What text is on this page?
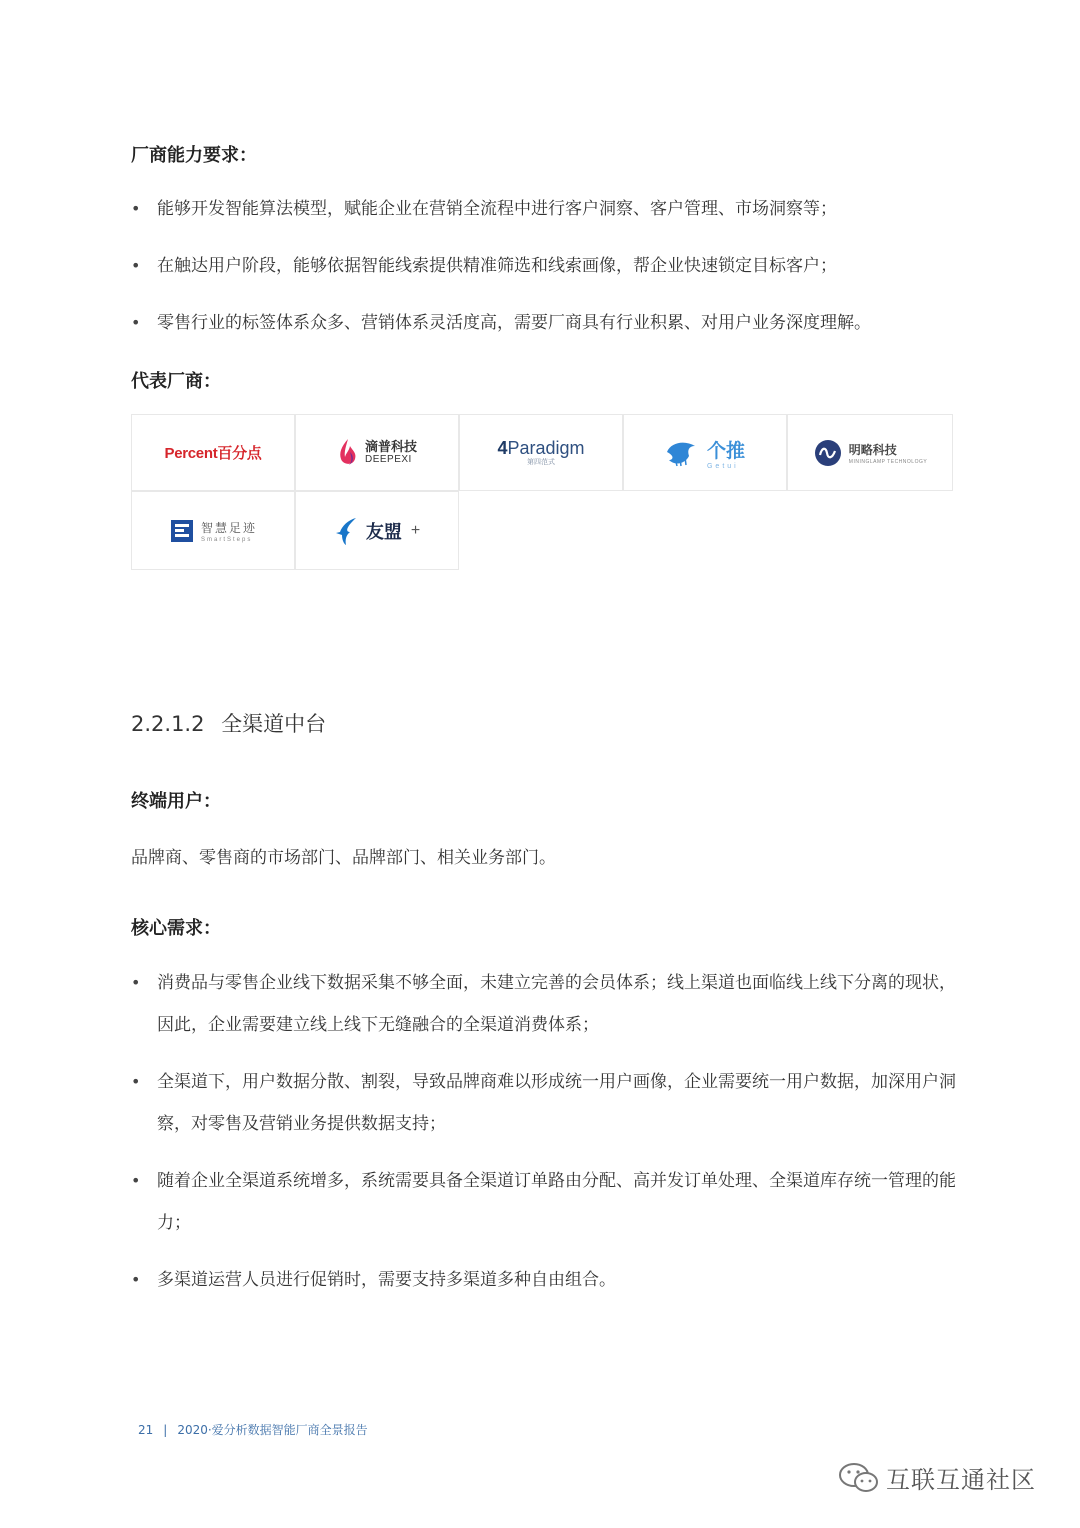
厂商能力要求：
• 能够开发智能算法模型，赋能企业在营销全流程中进行客户洞察、客户管理、市场洞察等；
• 在触达用户阶段，能够依据智能线索提供精准筛选和线索画像，帮企业快速锁定目标客户；
• 零售行业的标签体系众多、营销体系灵活度高，需要厂商具有行业积累、对用户业务深度理解。
代表厂商：
Percent百分点	滴普科技
DEEPEXI
4Paradigm
第四范式
个推
Getui
明略科技
MININGLAMP TECHNOLOGY
智慧足迹
SmartSteps	友盟 +
2.2.1.2 全渠道中台
终端用户：
品牌商、零售商的市场部门、品牌部门、相关业务部门。
核心需求：
• 消费品与零售企业线下数据采集不够全面，未建立完善的会员体系；线上渠道也面临线上线下分离的现状，因此，企业需要建立线上线下无缝融合的全渠道消费体系；
• 全渠道下，用户数据分散、割裂，导致品牌商难以形成统一用户画像，企业需要统一用户数据，加深用户洞察，对零售及营销业务提供数据支持；
• 随着企业全渠道系统增多，系统需要具备全渠道订单路由分配、高并发订单处理、全渠道库存统一管理的能力；
• 多渠道运营人员进行促销时，需要支持多渠道多种自由组合。
21 | 2020·爱分析数据智能厂商全景报告
互联互通社区
